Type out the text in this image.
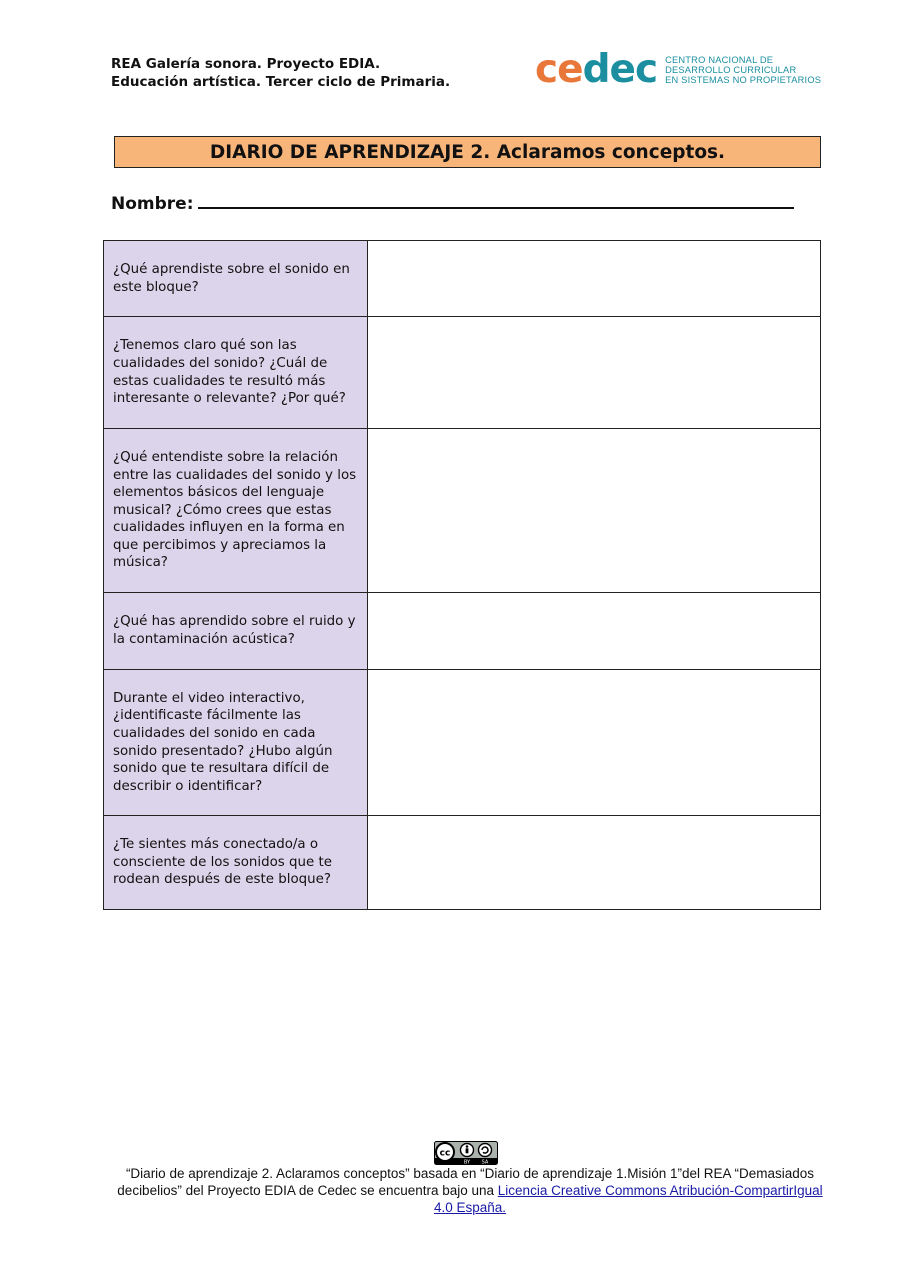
REA Galería sonora. Proyecto EDIA.
Educación artística. Tercer ciclo de Primaria. cedec CENTRO NACIONAL DE
DESARROLLO CURRICULAR
EN SISTEMAS NO PROPIETARIOS
DIARIO DE APRENDIZAJE 2. Aclaramos conceptos.
Nombre:
¿Qué aprendiste sobre el sonido en este bloque?	
¿Tenemos claro qué son las cualidades del sonido? ¿Cuál de estas cualidades te resultó más interesante o relevante? ¿Por qué?	
¿Qué entendiste sobre la relación entre las cualidades del sonido y los elementos básicos del lenguaje musical? ¿Cómo crees que estas cualidades influyen en la forma en que percibimos y apreciamos la música?	
¿Qué has aprendido sobre el ruido y la contaminación acústica?	
Durante el video interactivo, ¿identificaste fácilmente las cualidades del sonido en cada sonido presentado? ¿Hubo algún sonido que te resultara difícil de describir o identificar?	
¿Te sientes más conectado/a o consciente de los sonidos que te rodean después de este bloque?	
cc
BY SA
“Diario de aprendizaje 2. Aclaramos conceptos” basada en “Diario de aprendizaje 1.Misión 1”del REA “Demasiados decibelios” del Proyecto EDIA de Cedec se encuentra bajo una Licencia Creative Commons Atribución-CompartirIgual 4.0 España.
